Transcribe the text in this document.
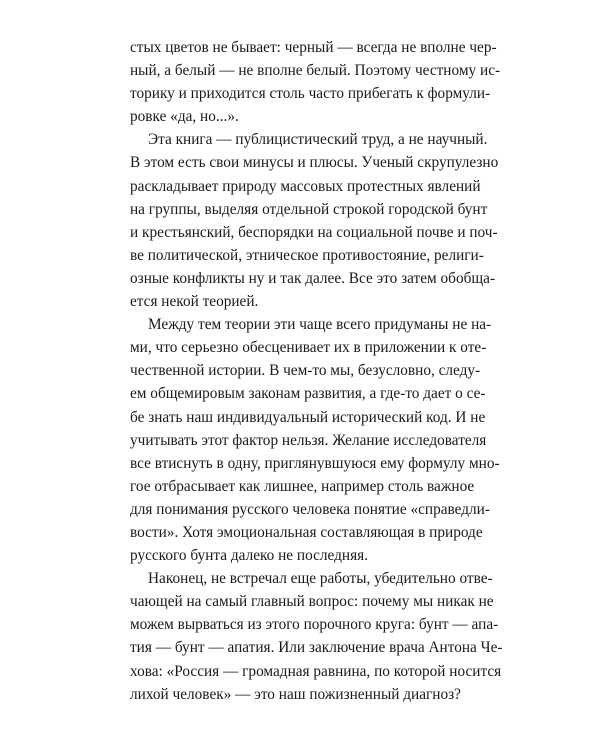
стых цветов не бывает: черный — всегда не вполне чер-
ный, а белый — не вполне белый. Поэтому честному ис-
торику и приходится столь часто прибегать к формули-
ровке «да, но...».
Эта книга — публицистический труд, а не научный.
В этом есть свои минусы и плюсы. Ученый скрупулезно
раскладывает природу массовых протестных явлений
на группы, выделяя отдельной строкой городской бунт
и крестьянский, беспорядки на социальной почве и поч-
ве политической, этническое противостояние, религи-
озные конфликты ну и так далее. Все это затем обобща-
ется некой теорией.
Между тем теории эти чаще всего придуманы не на-
ми, что серьезно обесценивает их в приложении к оте-
чественной истории. В чем-то мы, безусловно, следу-
ем общемировым законам развития, а где-то дает о се-
бе знать наш индивидуальный исторический код. И не
учитывать этот фактор нельзя. Желание исследователя
все втиснуть в одну, приглянувшуюся ему формулу мно-
гое отбрасывает как лишнее, например столь важное
для понимания русского человека понятие «справедли-
вости». Хотя эмоциональная составляющая в природе
русского бунта далеко не последняя.
Наконец, не встречал еще работы, убедительно отве-
чающей на самый главный вопрос: почему мы никак не
можем вырваться из этого порочного круга: бунт — апа-
тия — бунт — апатия. Или заключение врача Антона Че-
хова: «Россия — громадная равнина, по которой носится
лихой человек» — это наш пожизненный диагноз?
